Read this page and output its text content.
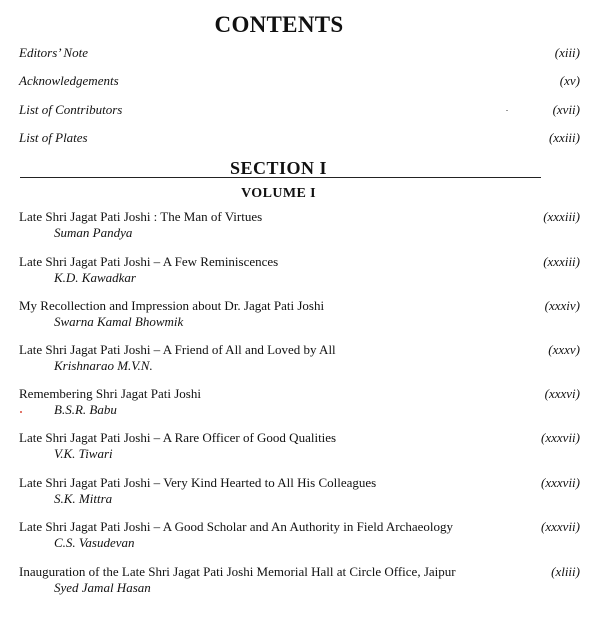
CONTENTS
Editors’ Note	(xiii)
Acknowledgements	(xv)
List of Contributors	(xvii)
List of Plates	(xxiii)
SECTION I
VOLUME I
Late Shri Jagat Pati Joshi : The Man of Virtues
Suman Pandya
(xxxiii)
Late Shri Jagat Pati Joshi – A Few Reminiscences
K.D. Kawadkar
(xxxiii)
My Recollection and Impression about Dr. Jagat Pati Joshi
Swarna Kamal Bhowmik
(xxxiv)
Late Shri Jagat Pati Joshi – A Friend of All and Loved by All
Krishnarao M.V.N.
(xxxv)
Remembering Shri Jagat Pati Joshi
B.S.R. Babu
(xxxvi)
Late Shri Jagat Pati Joshi – A Rare Officer of Good Qualities
V.K. Tiwari
(xxxvii)
Late Shri Jagat Pati Joshi – Very Kind Hearted to All His Colleagues
S.K. Mittra
(xxxvii)
Late Shri Jagat Pati Joshi – A Good Scholar and An Authority in Field Archaeology
C.S. Vasudevan
(xxxvii)
Inauguration of the Late Shri Jagat Pati Joshi Memorial Hall at Circle Office, Jaipur
Syed Jamal Hasan
(xliii)
